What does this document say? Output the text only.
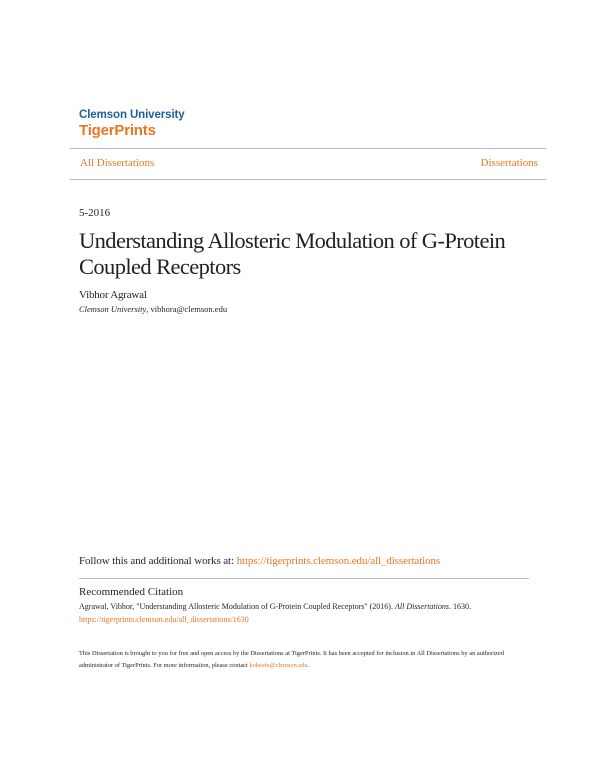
Clemson University
TigerPrints
All Dissertations	Dissertations
5-2016
Understanding Allosteric Modulation of G-Protein
Coupled Receptors
Vibhor Agrawal
Clemson University, vibhora@clemson.edu
Follow this and additional works at: https://tigerprints.clemson.edu/all_dissertations
Recommended Citation
Agrawal, Vibhor, "Understanding Allosteric Modulation of G-Protein Coupled Receptors" (2016). All Dissertations. 1630.
https://tigerprints.clemson.edu/all_dissertations/1630
This Dissertation is brought to you for free and open access by the Dissertations at TigerPrints. It has been accepted for inclusion in All Dissertations by an authorized administrator of TigerPrints. For more information, please contact kokeefe@clemson.edu.
